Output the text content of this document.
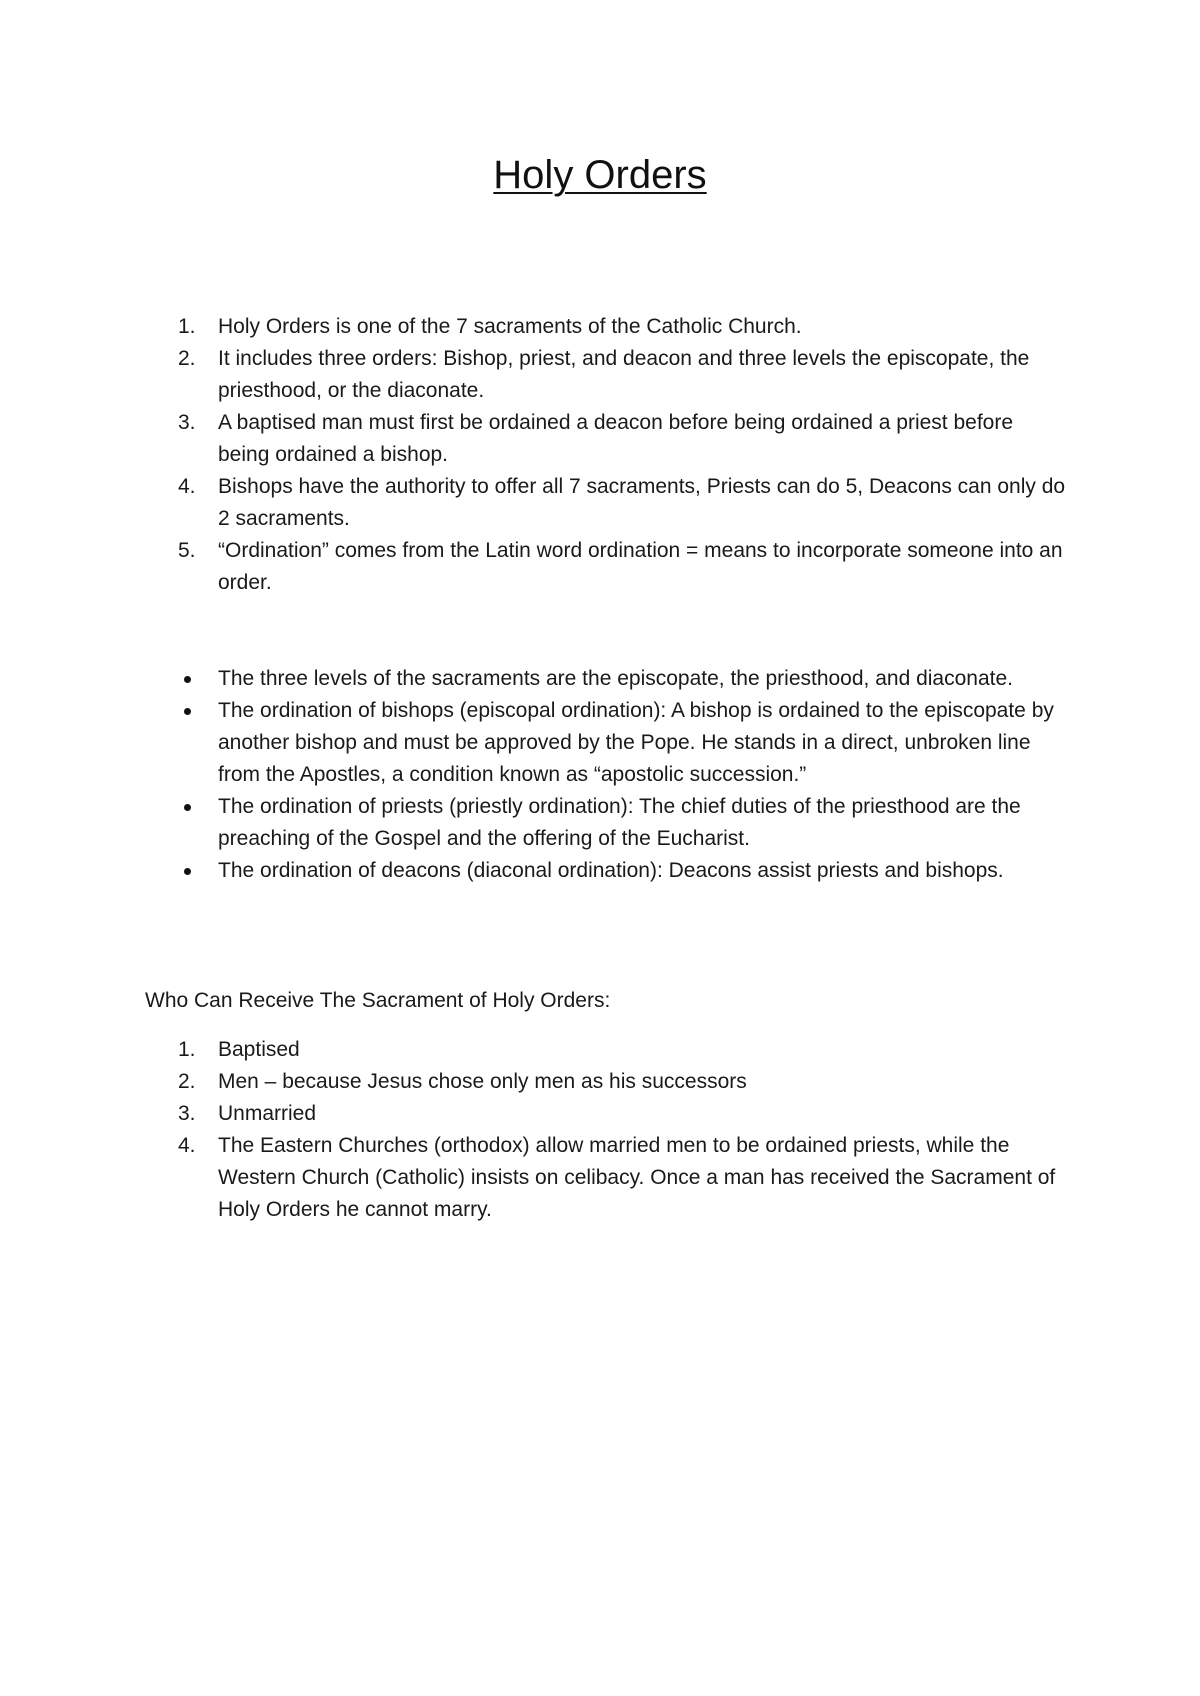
Holy Orders
1.	Holy Orders is one of the 7 sacraments of the Catholic Church.
2.	It includes three orders: Bishop, priest, and deacon and three levels the episcopate, the priesthood, or the diaconate.
3.	A baptised man must first be ordained a deacon before being ordained a priest before being ordained a bishop.
4.	Bishops have the authority to offer all 7 sacraments, Priests can do 5, Deacons can only do 2 sacraments.
5.	“Ordination” comes from the Latin word ordination = means to incorporate someone into an order.
The three levels of the sacraments are the episcopate, the priesthood, and diaconate.
The ordination of bishops (episcopal ordination): A bishop is ordained to the episcopate by another bishop and must be approved by the Pope. He stands in a direct, unbroken line from the Apostles, a condition known as “apostolic succession.”
The ordination of priests (priestly ordination): The chief duties of the priesthood are the preaching of the Gospel and the offering of the Eucharist.
The ordination of deacons (diaconal ordination): Deacons assist priests and bishops.
Who Can Receive The Sacrament of Holy Orders:
1.	Baptised
2.	Men – because Jesus chose only men as his successors
3.	Unmarried
4.	The Eastern Churches (orthodox) allow married men to be ordained priests, while the Western Church (Catholic) insists on celibacy. Once a man has received the Sacrament of Holy Orders he cannot marry.
